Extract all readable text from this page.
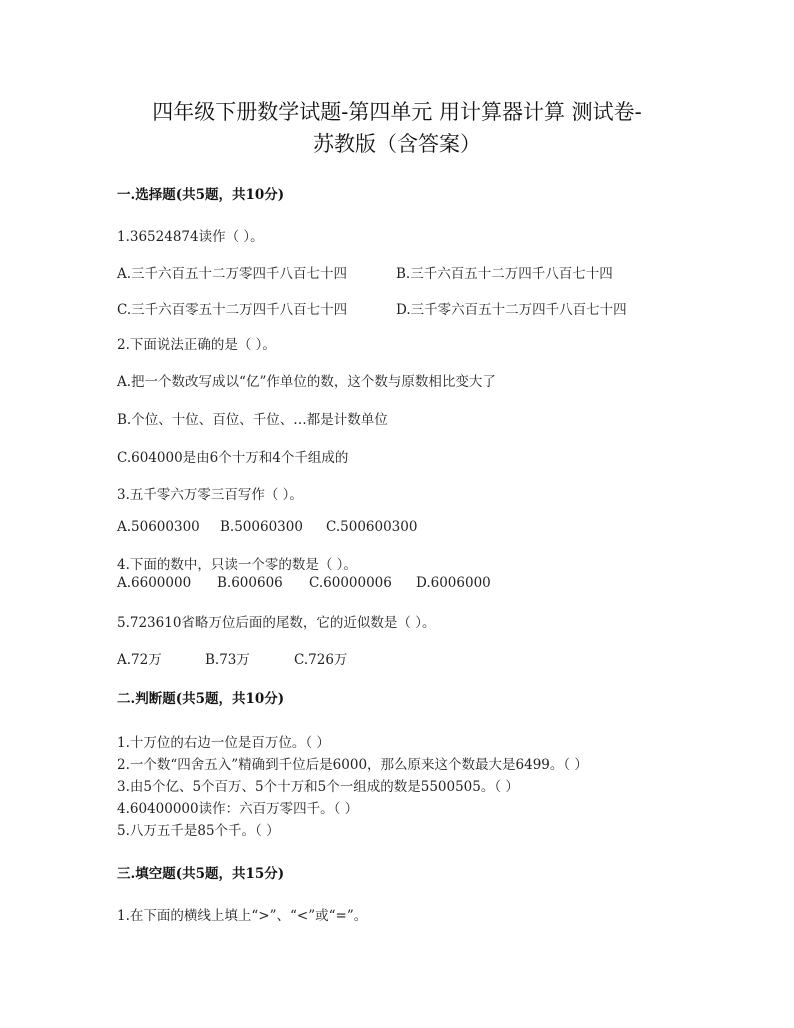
四年级下册数学试题-第四单元 用计算器计算 测试卷-
苏教版（含答案）
一.选择题(共5题，共10分)
1.36524874读作（ ）。
A.三千六百五十二万零四千八百七十四	B.三千六百五十二万四千八百七十四
C.三千六百零五十二万四千八百七十四	D.三千零六百五十二万四千八百七十四
2.下面说法正确的是（ ）。
A.把一个数改写成以“亿”作单位的数，这个数与原数相比变大了
B.个位、十位、百位、千位、…都是计数单位
C.604000是由6个十万和4个千组成的
3.五千零六万零三百写作（ ）。
A.50600300 B.50060300 C.500600300
4.下面的数中，只读一个零的数是（ ）。
A.6600000 B.600606 C.60000006 D.6006000
5.723610省略万位后面的尾数，它的近似数是（ ）。
A.72万	B.73万	C.726万
二.判断题(共5题，共10分)
1.十万位的右边一位是百万位。（ ）
2.一个数“四舍五入”精确到千位后是6000，那么原来这个数最大是6499。（ ）
3.由5个亿、5个百万、5个十万和5个一组成的数是5500505。（ ）
4.60400000读作：六百万零四千。（ ）
5.八万五千是85个千。（ ）
三.填空题(共5题，共15分)
1.在下面的横线上填上“>”、“<”或“=”。
